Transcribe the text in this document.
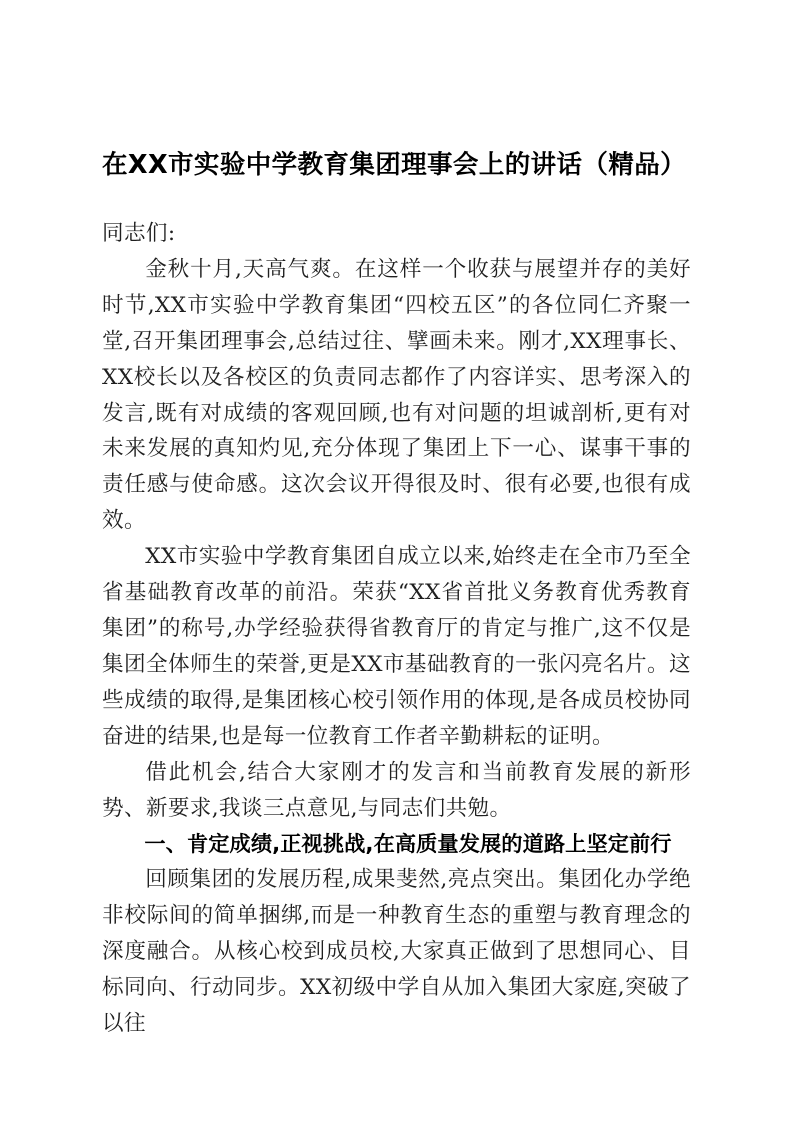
在XX市实验中学教育集团理事会上的讲话（精品）

同志们:

金秋十月,天高气爽。在这样一个收获与展望并存的美好时节,XX市实验中学教育集团“四校五区”的各位同仁齐聚一堂,召开集团理事会,总结过往、擘画未来。刚才,XX理事长、XX校长以及各校区的负责同志都作了内容详实、思考深入的发言,既有对成绩的客观回顾,也有对问题的坦诚剖析,更有对未来发展的真知灼见,充分体现了集团上下一心、谋事干事的责任感与使命感。这次会议开得很及时、很有必要,也很有成效。

XX市实验中学教育集团自成立以来,始终走在全市乃至全省基础教育改革的前沿。荣获“XX省首批义务教育优秀教育集团”的称号,办学经验获得省教育厅的肯定与推广,这不仅是集团全体师生的荣誉,更是XX市基础教育的一张闪亮名片。这些成绩的取得,是集团核心校引领作用的体现,是各成员校协同奋进的结果,也是每一位教育工作者辛勤耕耘的证明。

借此机会,结合大家刚才的发言和当前教育发展的新形势、新要求,我谈三点意见,与同志们共勉。

一、肯定成绩,正视挑战,在高质量发展的道路上坚定前行

回顾集团的发展历程,成果斐然,亮点突出。集团化办学绝非校际间的简单捆绑,而是一种教育生态的重塑与教育理念的深度融合。从核心校到成员校,大家真正做到了思想同心、目标同向、行动同步。XX初级中学自从加入集团大家庭,突破了以往
